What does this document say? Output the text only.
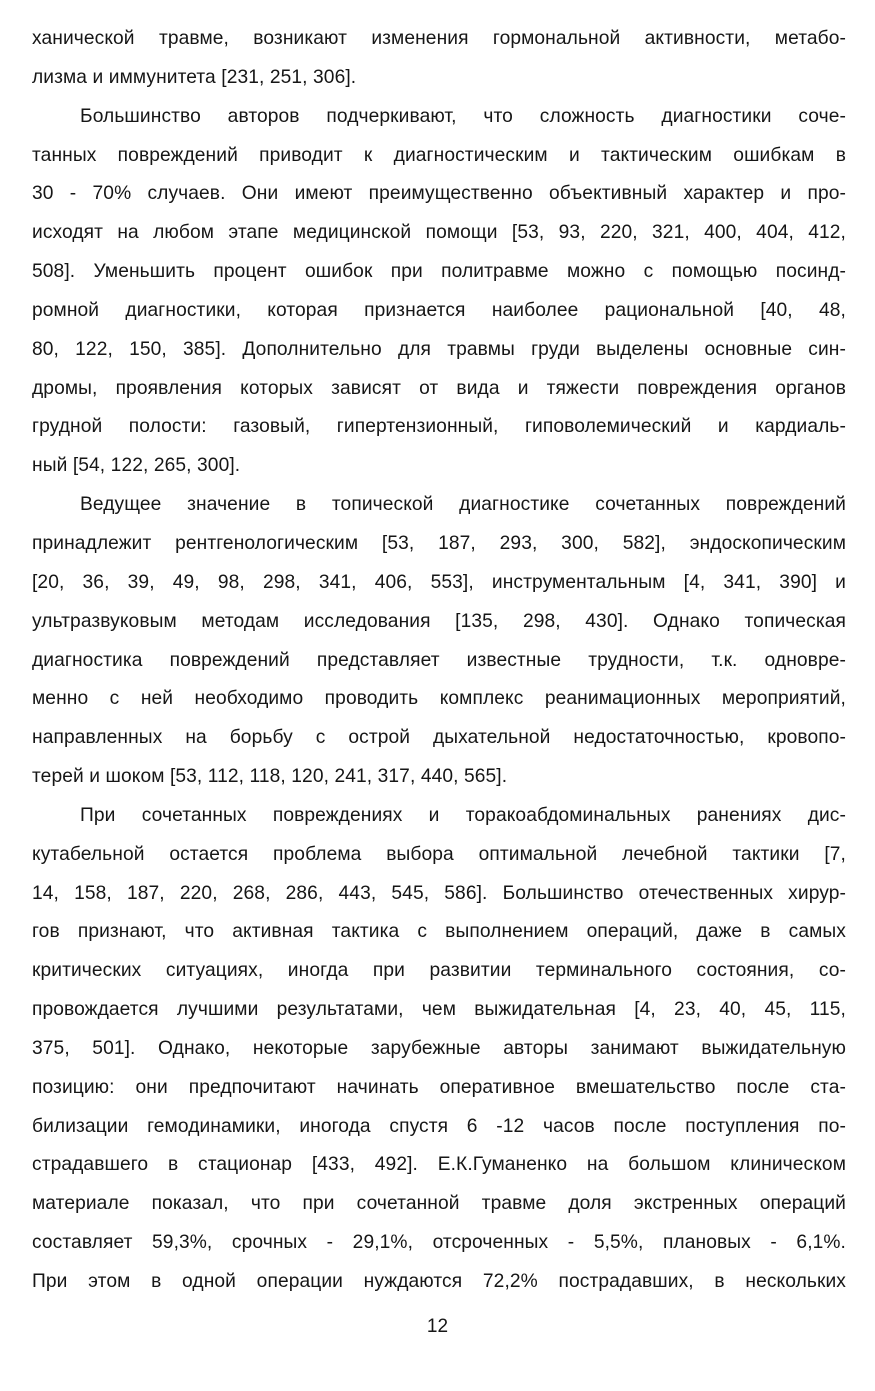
ханической травме, возникают изменения гормональной активности, метабо-
лизма и иммунитета [231, 251, 306].
Большинство авторов подчеркивают, что сложность диагностики соче-
танных повреждений приводит к диагностическим и тактическим ошибкам в
30 - 70% случаев. Они имеют преимущественно объективный характер и про-
исходят на любом этапе медицинской помощи [53, 93, 220, 321, 400, 404, 412,
508]. Уменьшить процент ошибок при политравме можно с помощью посинд-
ромной диагностики, которая признается наиболее рациональной [40, 48,
80, 122, 150, 385]. Дополнительно для травмы груди выделены основные син-
дромы, проявления которых зависят от вида и тяжести повреждения органов
грудной полости: газовый, гипертензионный, гиповолемический и кардиаль-
ный [54, 122, 265, 300].
Ведущее значение в топической диагностике сочетанных повреждений
принадлежит рентгенологическим [53, 187, 293, 300, 582], эндоскопическим
[20, 36, 39, 49, 98, 298, 341, 406, 553], инструментальным [4, 341, 390] и
ультразвуковым методам исследования [135, 298, 430]. Однако топическая
диагностика повреждений представляет известные трудности, т.к. одновре-
менно с ней необходимо проводить комплекс реанимационных мероприятий,
направленных на борьбу с острой дыхательной недостаточностью, кровопо-
терей и шоком [53, 112, 118, 120, 241, 317, 440, 565].
При сочетанных повреждениях и торакоабдоминальных ранениях дис-
кутабельной остается проблема выбора оптимальной лечебной тактики [7,
14, 158, 187, 220, 268, 286, 443, 545, 586]. Большинство отечественных хирур-
гов признают, что активная тактика с выполнением операций, даже в самых
критических ситуациях, иногда при развитии терминального состояния, со-
провождается лучшими результатами, чем выжидательная [4, 23, 40, 45, 115,
375, 501]. Однако, некоторые зарубежные авторы занимают выжидательную
позицию: они предпочитают начинать оперативное вмешательство после ста-
билизации гемодинамики, иногода спустя 6 -12 часов после поступления по-
страдавшего в стационар [433, 492]. Е.К.Гуманенко на большом клиническом
материале показал, что при сочетанной травме доля экстренных операций
составляет 59,3%, срочных - 29,1%, отсроченных - 5,5%, плановых - 6,1%.
При этом в одной операции нуждаются 72,2% пострадавших, в нескольких
12
